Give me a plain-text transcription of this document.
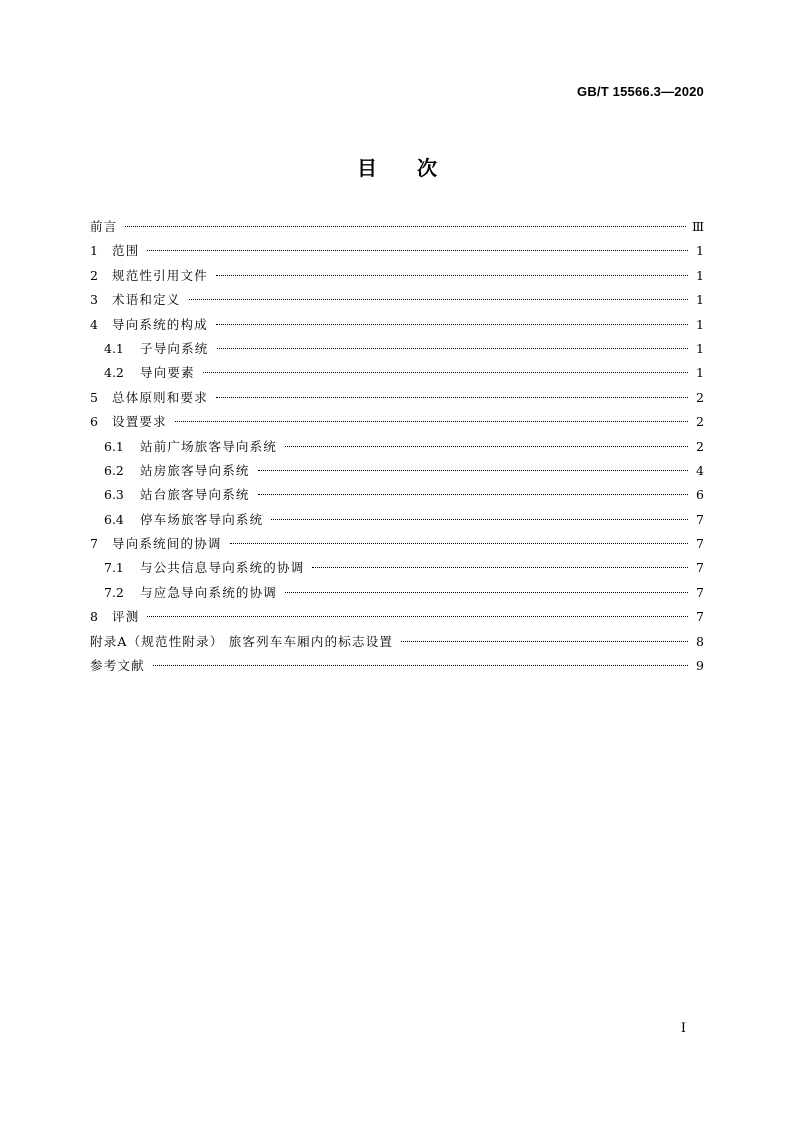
GB/T 15566.3—2020
目次
前言	Ⅲ
1	范围	1
2	规范性引用文件	1
3	术语和定义	1
4	导向系统的构成	1
4.1	子导向系统	1
4.2	导向要素	1
5	总体原则和要求	2
6	设置要求	2
6.1	站前广场旅客导向系统	2
6.2	站房旅客导向系统	4
6.3	站台旅客导向系统	6
6.4	停车场旅客导向系统	7
7	导向系统间的协调	7
7.1	与公共信息导向系统的协调	7
7.2	与应急导向系统的协调	7
8	评测	7
附录A（规范性附录） 旅客列车车厢内的标志设置	8
参考文献	9
I
